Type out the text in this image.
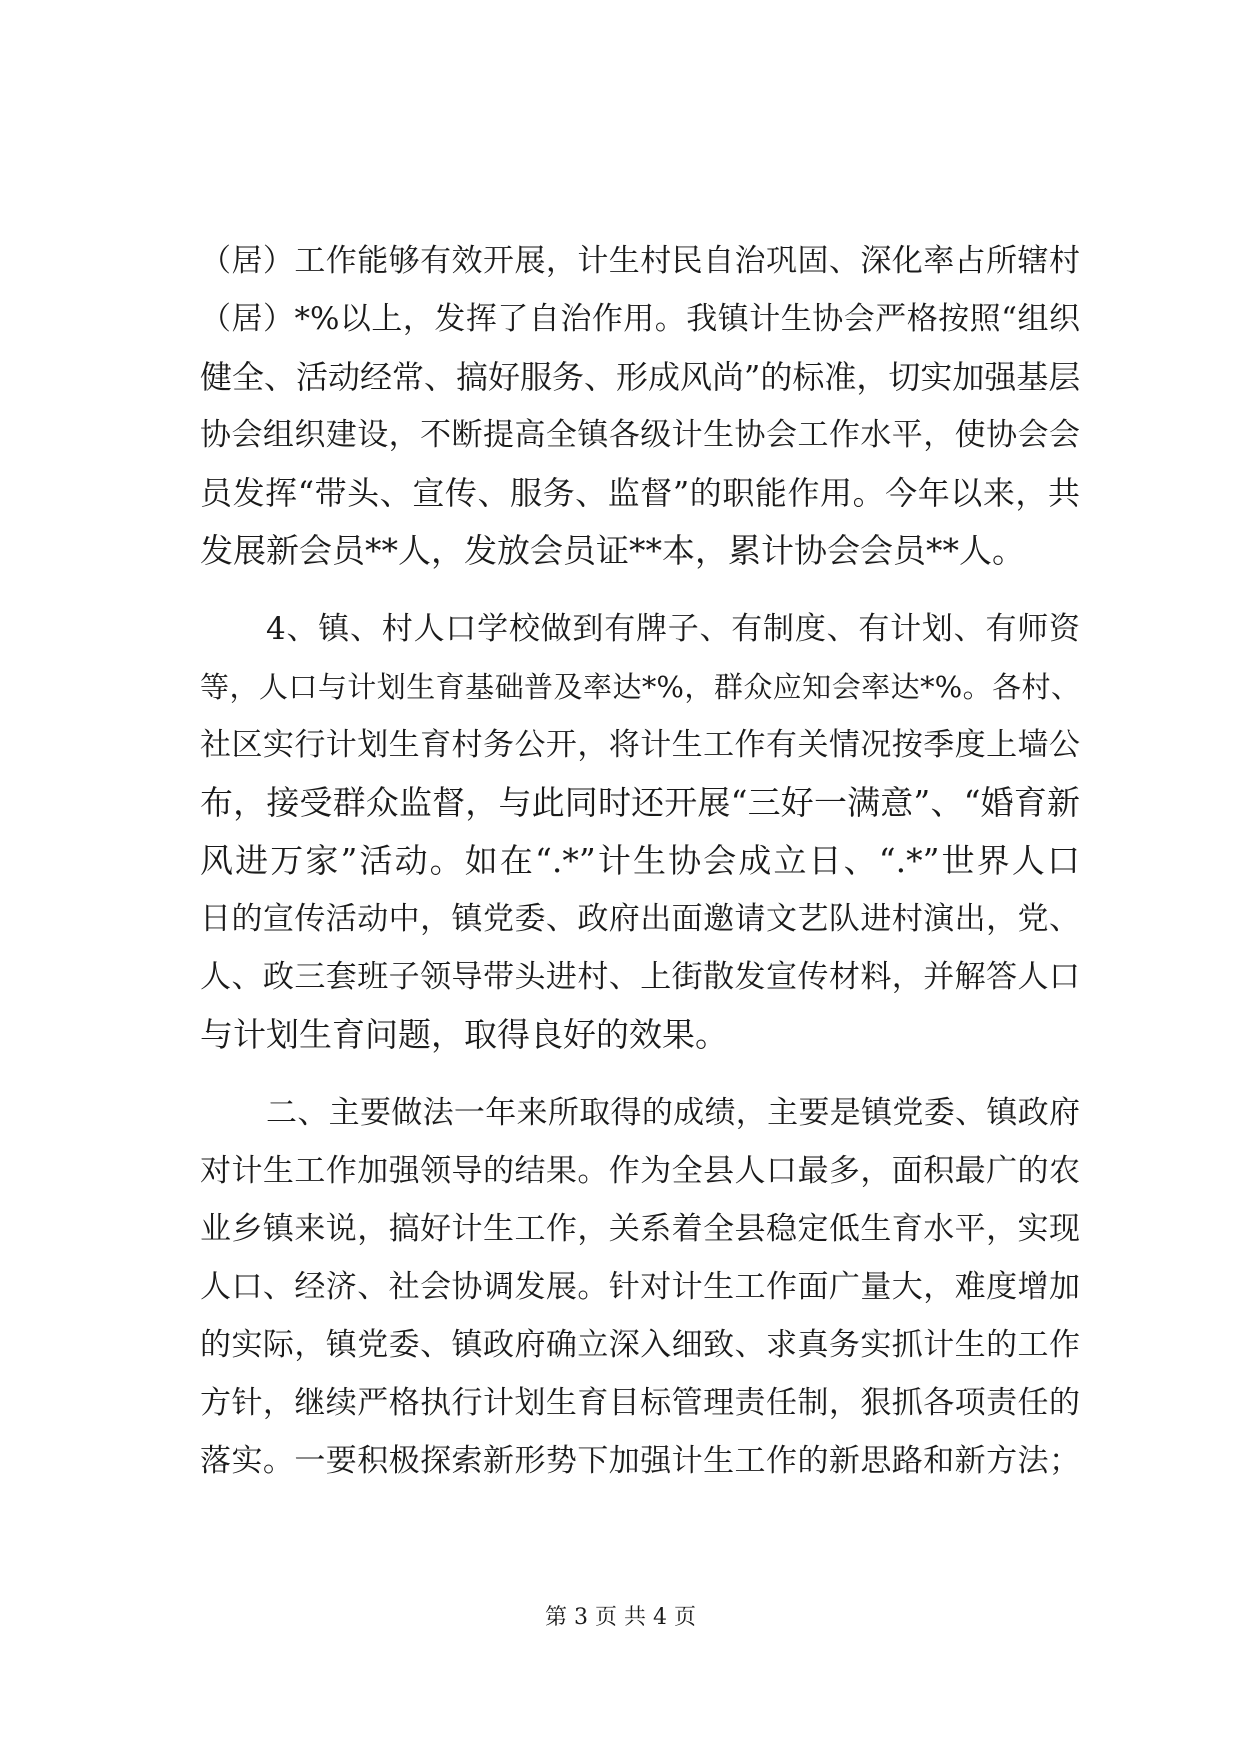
（居）工作能够有效开展，计生村民自治巩固、深化率占所辖村
（居）*%以上，发挥了自治作用。我镇计生协会严格按照“组织
健全、活动经常、搞好服务、形成风尚”的标准，切实加强基层
协会组织建设，不断提高全镇各级计生协会工作水平，使协会会
员发挥“带头、宣传、服务、监督”的职能作用。今年以来，共
发展新会员**人，发放会员证**本，累计协会会员**人。
4、镇、村人口学校做到有牌子、有制度、有计划、有师资
等，人口与计划生育基础普及率达*%，群众应知会率达*%。各村、
社区实行计划生育村务公开，将计生工作有关情况按季度上墙公
布，接受群众监督，与此同时还开展“三好一满意”、“婚育新
风进万家”活动。如在“.*”计生协会成立日、“.*”世界人口
日的宣传活动中，镇党委、政府出面邀请文艺队进村演出，党、
人、政三套班子领导带头进村、上街散发宣传材料，并解答人口
与计划生育问题，取得良好的效果。
二、主要做法一年来所取得的成绩，主要是镇党委、镇政府
对计生工作加强领导的结果。作为全县人口最多，面积最广的农
业乡镇来说，搞好计生工作，关系着全县稳定低生育水平，实现
人口、经济、社会协调发展。针对计生工作面广量大，难度增加
的实际，镇党委、镇政府确立深入细致、求真务实抓计生的工作
方针，继续严格执行计划生育目标管理责任制，狠抓各项责任的
落实。一要积极探索新形势下加强计生工作的新思路和新方法；
第 3 页 共 4 页
